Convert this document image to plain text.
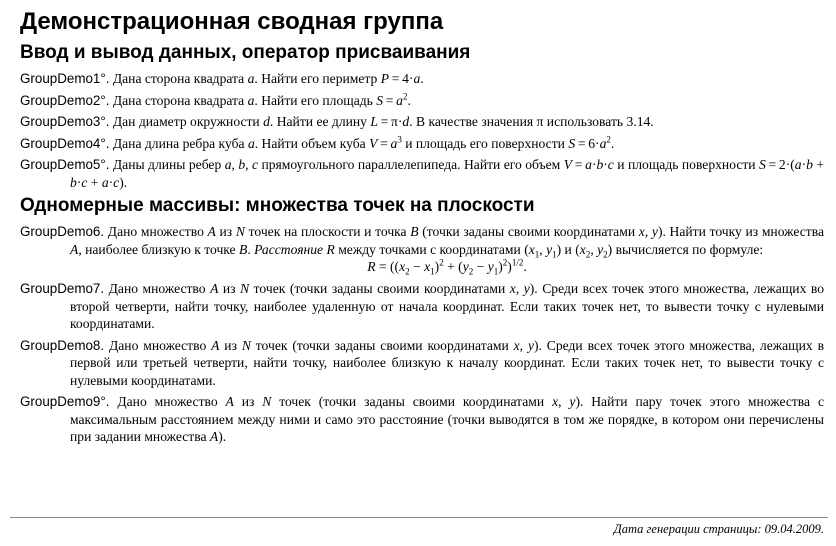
Демонстрационная сводная группа
Ввод и вывод данных, оператор присваивания
GroupDemo1°. Дана сторона квадрата a. Найти его периметр P = 4·a.
GroupDemo2°. Дана сторона квадрата a. Найти его площадь $S = a^2$.
GroupDemo3°. Дан диаметр окружности d. Найти ее длину L = π·d. В качестве значения π использовать 3.14.
GroupDemo4°. Дана длина ребра куба a. Найти объем куба $V = a^3$ и площадь его поверхности $S = 6\cdot a^2$.
GroupDemo5°. Даны длины ребер a, b, c прямоугольного параллелепипеда. Найти его объем V = a·b·c и площадь поверхности S = 2·(a·b + b·c + a·c).
Одномерные массивы: множества точек на плоскости
GroupDemo6. Дано множество A из N точек на плоскости и точка B (точки заданы своими координатами x, y). Найти точку из множества A, наиболее близкую к точке B. Расстояние R между точками с координатами ($x_1$, $y_1$) и ($x_2$, $y_2$) вычисляется по формуле:
$R = ((x_2 - x_1)^2 + (y_2 - y_1)^2)^{1/2}$.
GroupDemo7. Дано множество A из N точек (точки заданы своими координатами x, y). Среди всех точек этого множества, лежащих во второй четверти, найти точку, наиболее удаленную от начала координат. Если таких точек нет, то вывести точку с нулевыми координатами.
GroupDemo8. Дано множество A из N точек (точки заданы своими координатами x, y). Среди всех точек этого множества, лежащих в первой или третьей четверти, найти точку, наиболее близкую к началу координат. Если таких точек нет, то вывести точку с нулевыми координатами.
GroupDemo9°. Дано множество A из N точек (точки заданы своими координатами x, y). Найти пару точек этого множества с максимальным расстоянием между ними и само это расстояние (точки выводятся в том же порядке, в котором они перечислены при задании множества A).
Дата генерации страницы: 09.04.2009.
